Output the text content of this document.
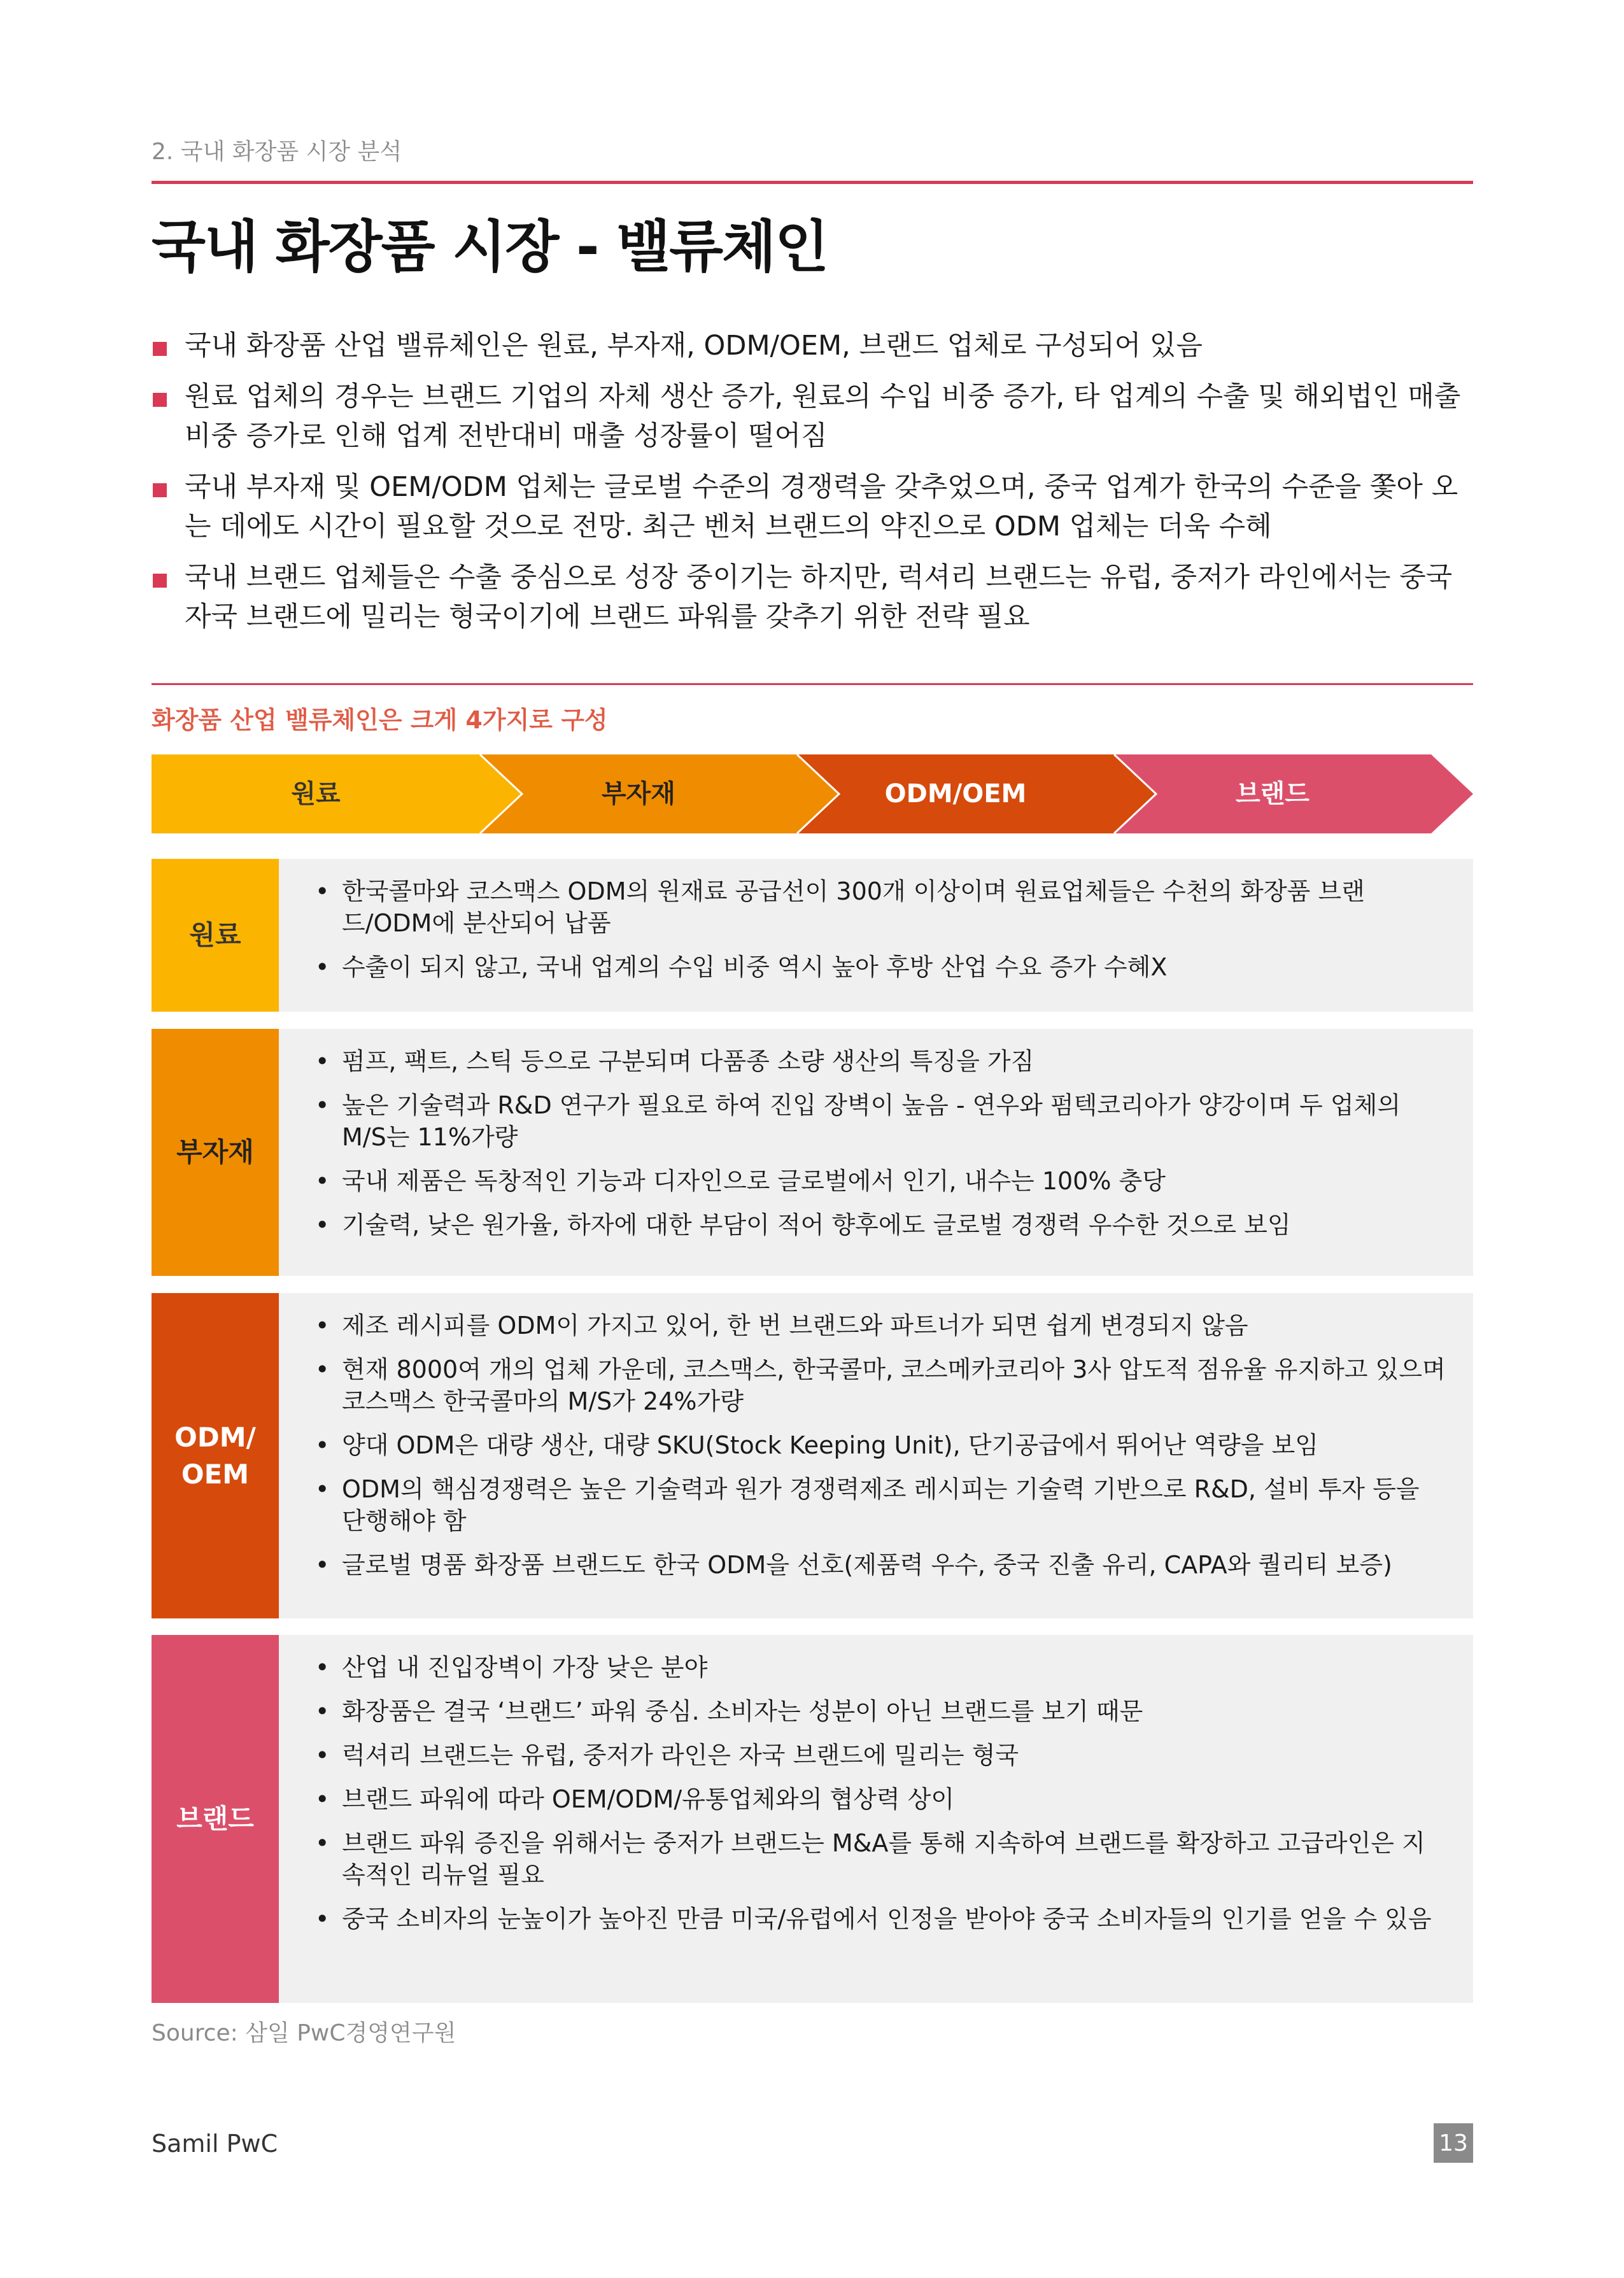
2. 국내 화장품 시장 분석
국내 화장품 시장 - 밸류체인
국내 화장품 산업 밸류체인은 원료, 부자재, ODM/OEM, 브랜드 업체로 구성되어 있음
원료 업체의 경우는 브랜드 기업의 자체 생산 증가, 원료의 수입 비중 증가, 타 업계의 수출 및 해외법인 매출 비중 증가로 인해 업계 전반대비 매출 성장률이 떨어짐
국내 부자재 및 OEM/ODM 업체는 글로벌 수준의 경쟁력을 갖추었으며, 중국 업계가 한국의 수준을 쫓아 오는 데에도 시간이 필요할 것으로 전망. 최근 벤처 브랜드의 약진으로 ODM 업체는 더욱 수혜
국내 브랜드 업체들은 수출 중심으로 성장 중이기는 하지만, 럭셔리 브랜드는 유럽, 중저가 라인에서는 중국 자국 브랜드에 밀리는 형국이기에 브랜드 파워를 갖추기 위한 전략 필요
화장품 산업 밸류체인은 크게 4가지로 구성
원료	부자재	ODM/OEM	브랜드
원료
• 한국콜마와 코스맥스 ODM의 원재료 공급선이 300개 이상이며 원료업체들은 수천의 화장품 브랜드/ODM에 분산되어 납품
• 수출이 되지 않고, 국내 업계의 수입 비중 역시 높아 후방 산업 수요 증가 수혜X
부자재
• 펌프, 팩트, 스틱 등으로 구분되며 다품종 소량 생산의 특징을 가짐
• 높은 기술력과 R&D 연구가 필요로 하여 진입 장벽이 높음 - 연우와 펌텍코리아가 양강이며 두 업체의 M/S는 11%가량
• 국내 제품은 독창적인 기능과 디자인으로 글로벌에서 인기, 내수는 100% 충당
• 기술력, 낮은 원가율, 하자에 대한 부담이 적어 향후에도 글로벌 경쟁력 우수한 것으로 보임
ODM/
OEM
• 제조 레시피를 ODM이 가지고 있어, 한 번 브랜드와 파트너가 되면 쉽게 변경되지 않음
• 현재 8000여 개의 업체 가운데, 코스맥스, 한국콜마, 코스메카코리아 3사 압도적 점유율 유지하고 있으며 코스맥스 한국콜마의 M/S가 24%가량
• 양대 ODM은 대량 생산, 대량 SKU(Stock Keeping Unit), 단기공급에서 뛰어난 역량을 보임
• ODM의 핵심경쟁력은 높은 기술력과 원가 경쟁력제조 레시피는 기술력 기반으로 R&D, 설비 투자 등을 단행해야 함
• 글로벌 명품 화장품 브랜드도 한국 ODM을 선호(제품력 우수, 중국 진출 유리, CAPA와 퀄리티 보증)
브랜드
• 산업 내 진입장벽이 가장 낮은 분야
• 화장품은 결국 ‘브랜드’ 파워 중심. 소비자는 성분이 아닌 브랜드를 보기 때문
• 럭셔리 브랜드는 유럽, 중저가 라인은 자국 브랜드에 밀리는 형국
• 브랜드 파워에 따라 OEM/ODM/유통업체와의 협상력 상이
• 브랜드 파워 증진을 위해서는 중저가 브랜드는 M&A를 통해 지속하여 브랜드를 확장하고 고급라인은 지속적인 리뉴얼 필요
• 중국 소비자의 눈높이가 높아진 만큼 미국/유럽에서 인정을 받아야 중국 소비자들의 인기를 얻을 수 있음
Source: 삼일 PwC경영연구원
Samil PwC	13
